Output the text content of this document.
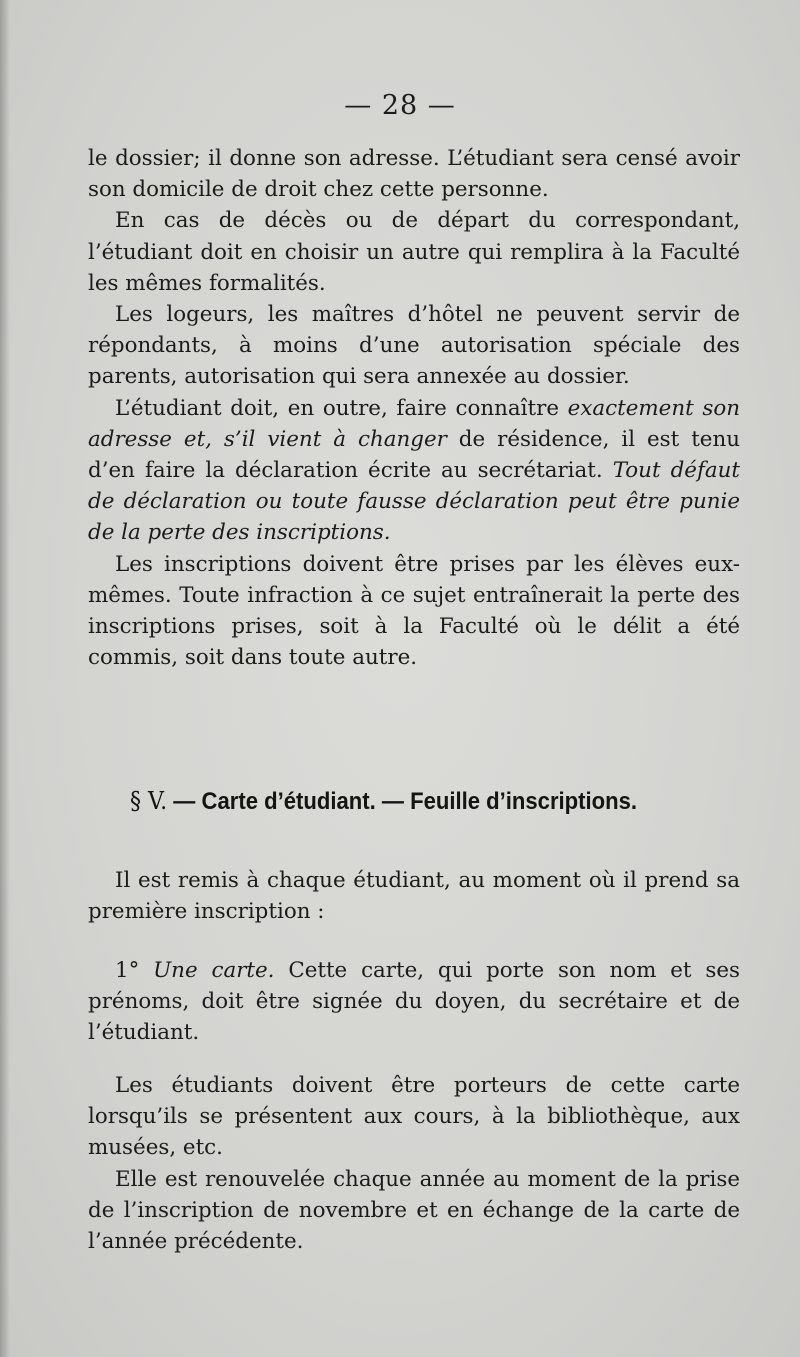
— 28 —

le dossier; il donne son adresse. L’étudiant sera censé avoir son domicile de droit chez cette personne.

En cas de décès ou de départ du correspondant, l’étudiant doit en choisir un autre qui remplira à la Faculté les mêmes formalités.

Les logeurs, les maîtres d’hôtel ne peuvent servir de répondants, à moins d’une autorisation spéciale des parents, autorisation qui sera annexée au dossier.

L’étudiant doit, en outre, faire connaître exactement son adresse et, s’il vient à changer de résidence, il est tenu d’en faire la déclaration écrite au secrétariat. Tout défaut de déclaration ou toute fausse déclaration peut être punie de la perte des inscriptions.

Les inscriptions doivent être prises par les élèves eux-mêmes. Toute infraction à ce sujet entraînerait la perte des inscriptions prises, soit à la Faculté où le délit a été commis, soit dans toute autre.

§ V. — Carte d’étudiant. — Feuille d’inscriptions.

Il est remis à chaque étudiant, au moment où il prend sa première inscription :

1° Une carte. Cette carte, qui porte son nom et ses prénoms, doit être signée du doyen, du secrétaire et de l’étudiant.

Les étudiants doivent être porteurs de cette carte lorsqu’ils se présentent aux cours, à la bibliothèque, aux musées, etc.

Elle est renouvelée chaque année au moment de la prise de l’inscription de novembre et en échange de la carte de l’année précédente.
